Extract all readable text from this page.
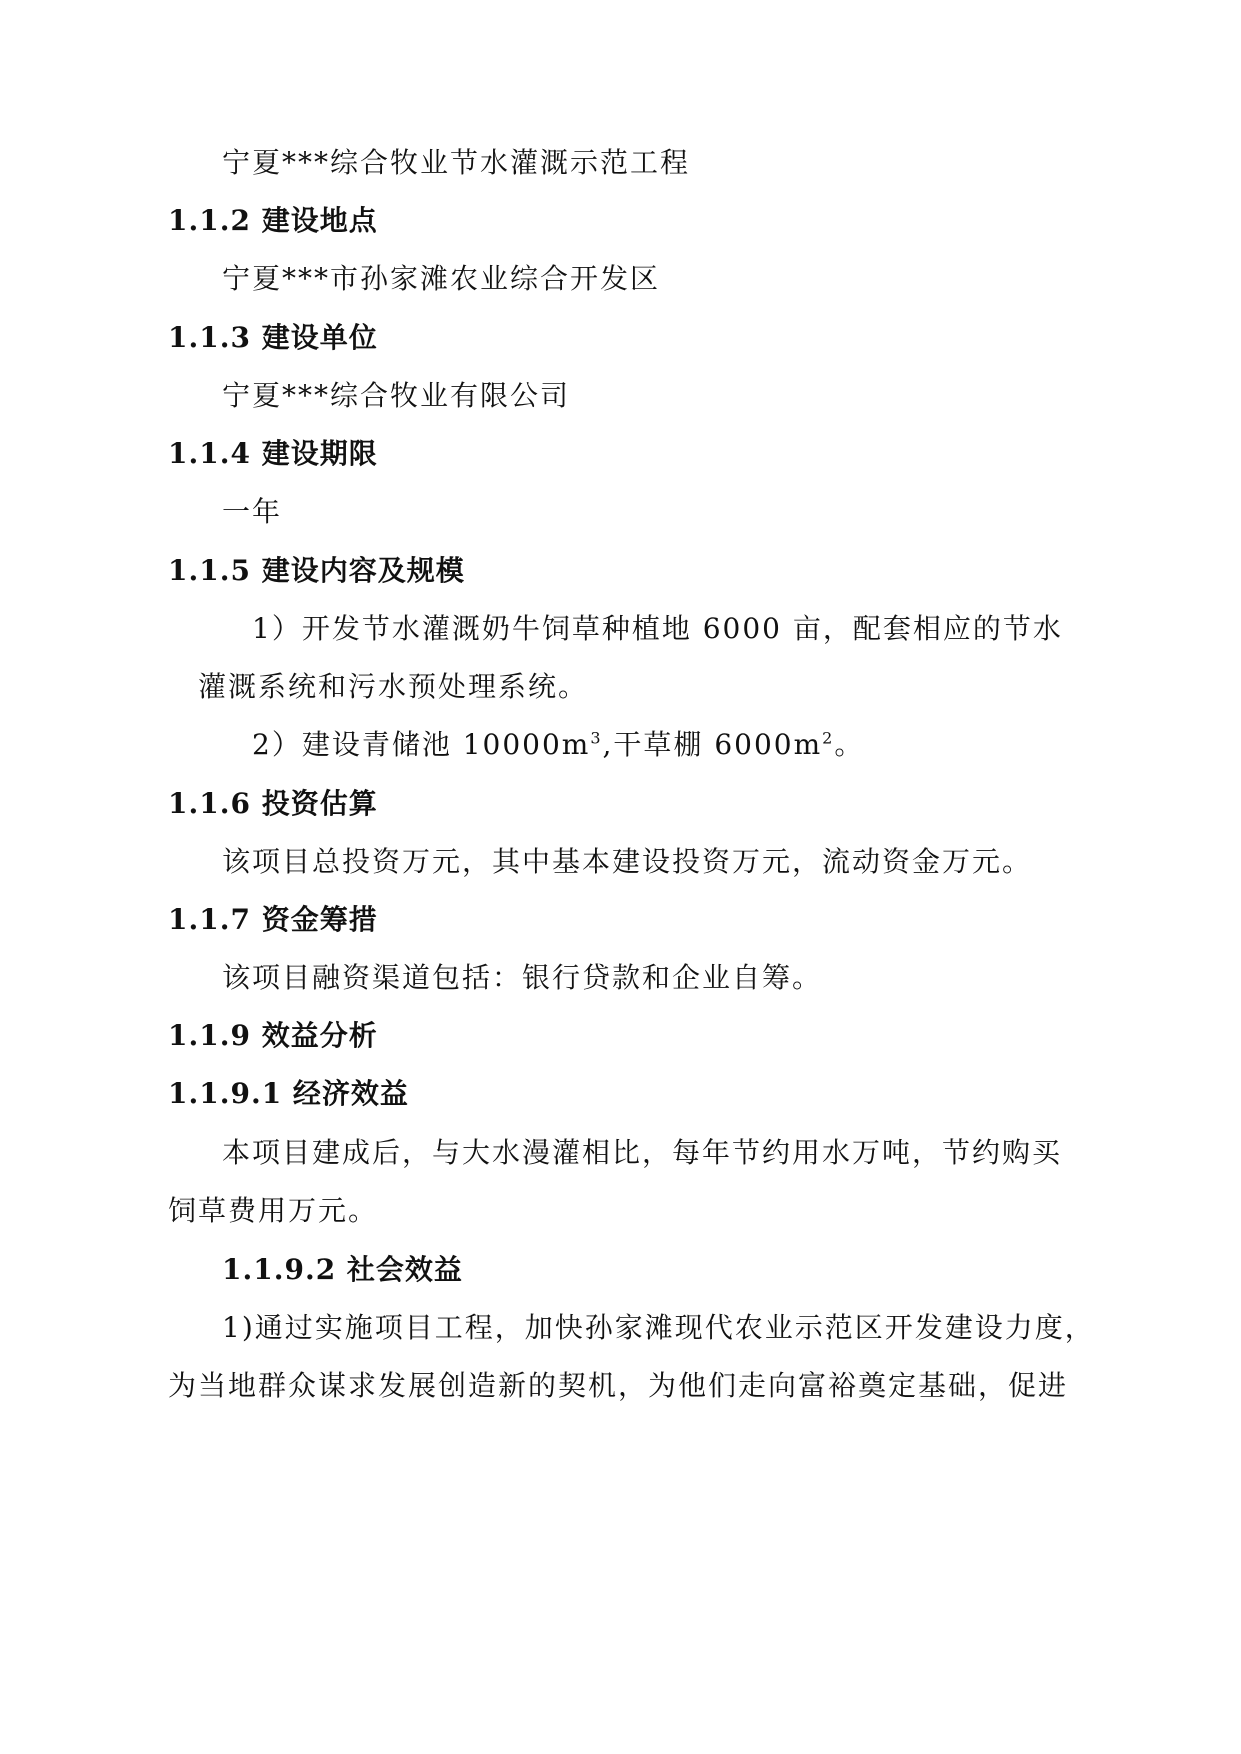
宁夏***综合牧业节水灌溉示范工程
1.1.2 建设地点
宁夏***市孙家滩农业综合开发区
1.1.3 建设单位
宁夏***综合牧业有限公司
1.1.4 建设期限
一年
1.1.5 建设内容及规模
1）开发节水灌溉奶牛饲草种植地 6000 亩，配套相应的节水
灌溉系统和污水预处理系统。
2）建设青储池 $10000m^3$,干草棚 $6000m^2$。
1.1.6 投资估算
该项目总投资万元，其中基本建设投资万元，流动资金万元。
1.1.7 资金筹措
该项目融资渠道包括：银行贷款和企业自筹。
1.1.9 效益分析
1.1.9.1 经济效益
本项目建成后，与大水漫灌相比，每年节约用水万吨，节约购买
饲草费用万元。
1.1.9.2 社会效益
1)通过实施项目工程，加快孙家滩现代农业示范区开发建设力度，
为当地群众谋求发展创造新的契机，为他们走向富裕奠定基础，促进
